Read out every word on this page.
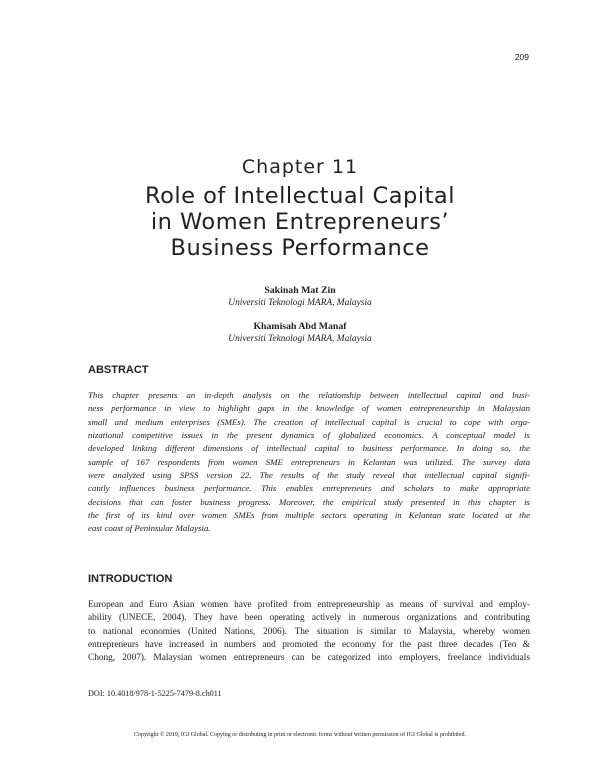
209
Chapter 11
Role of Intellectual Capital
in Women Entrepreneurs’
Business Performance
Sakinah Mat Zin
Universiti Teknologi MARA, Malaysia
Khamisah Abd Manaf
Universiti Teknologi MARA, Malaysia
ABSTRACT
This chapter presents an in-depth analysis on the relationship between intellectual capital and busi-
ness performance in view to highlight gaps in the knowledge of women entrepreneurship in Malaysian
small and medium enterprises (SMEs). The creation of intellectual capital is crucial to cope with orga-
nizational competitive issues in the present dynamics of globalized economics. A conceptual model is
developed linking different dimensions of intellectual capital to business performance. In doing so, the
sample of 167 respondents from women SME entrepreneurs in Kelantan was utilized. The survey data
were analyzed using SPSS version 22. The results of the study reveal that intellectual capital signifi-
cantly influences business performance. This enables entrepreneurs and scholars to make appropriate
decisions that can foster business progress. Moreover, the empirical study presented in this chapter is
the first of its kind over women SMEs from multiple sectors operating in Kelantan state located at the
east coast of Peninsular Malaysia.
INTRODUCTION
European and Euro Asian women have profited from entrepreneurship as means of survival and employ-
ability (UNECE, 2004). They have been operating actively in numerous organizations and contributing
to national economies (United Nations, 2006). The situation is similar to Malaysia, whereby women
entrepreneurs have increased in numbers and promoted the economy for the past three decades (Teo &
Chong, 2007). Malaysian women entrepreneurs can be categorized into employers, freelance individuals
DOI: 10.4018/978-1-5225-7479-8.ch011
Copyright © 2019, IGI Global. Copying or distributing in print or electronic forms without written permission of IGI Global is prohibited.
